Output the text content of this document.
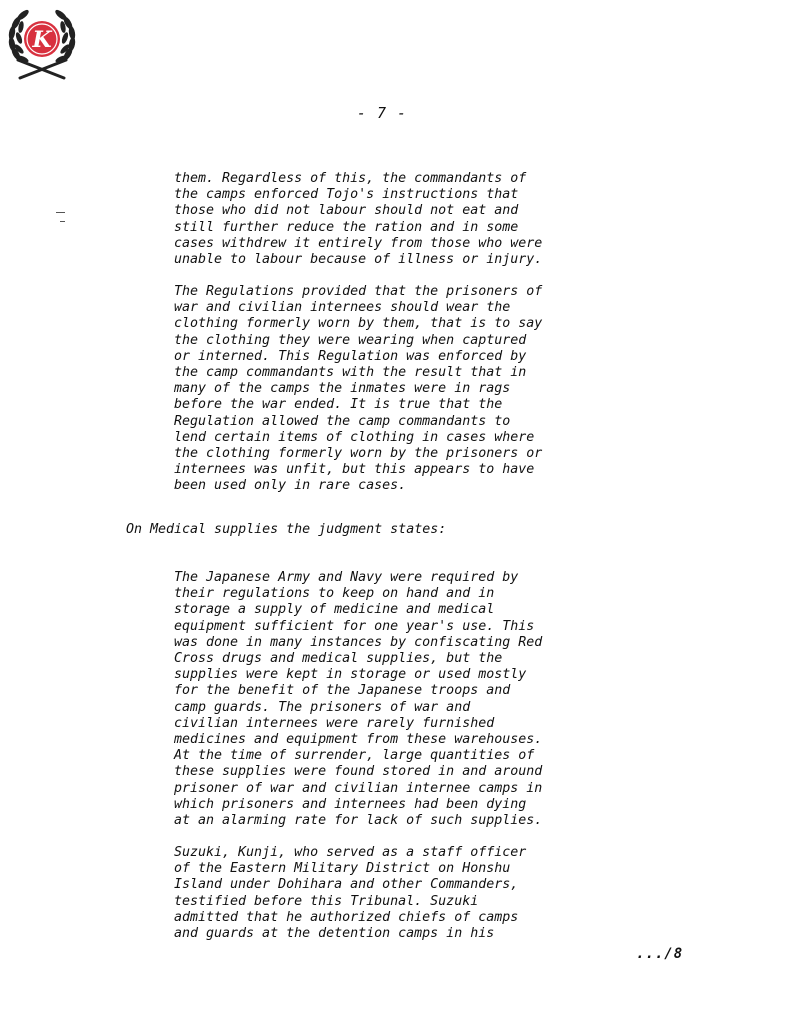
K
- 7 -
them. Regardless of this, the commandants of
the camps enforced Tojo's instructions that
those who did not labour should not eat and
still further reduce the ration and in some
cases withdrew it entirely from those who were
unable to labour because of illness or injury.
The Regulations provided that the prisoners of
war and civilian internees should wear the
clothing formerly worn by them, that is to say
the clothing they were wearing when captured
or interned. This Regulation was enforced by
the camp commandants with the result that in
many of the camps the inmates were in rags
before the war ended. It is true that the
Regulation allowed the camp commandants to
lend certain items of clothing in cases where
the clothing formerly worn by the prisoners or
internees was unfit, but this appears to have
been used only in rare cases.
On Medical supplies the judgment states:
The Japanese Army and Navy were required by
their regulations to keep on hand and in
storage a supply of medicine and medical
equipment sufficient for one year's use. This
was done in many instances by confiscating Red
Cross drugs and medical supplies, but the
supplies were kept in storage or used mostly
for the benefit of the Japanese troops and
camp guards. The prisoners of war and
civilian internees were rarely furnished
medicines and equipment from these warehouses.
At the time of surrender, large quantities of
these supplies were found stored in and around
prisoner of war and civilian internee camps in
which prisoners and internees had been dying
at an alarming rate for lack of such supplies.
Suzuki, Kunji, who served as a staff officer
of the Eastern Military District on Honshu
Island under Dohihara and other Commanders,
testified before this Tribunal. Suzuki
admitted that he authorized chiefs of camps
and guards at the detention camps in his
.../8
